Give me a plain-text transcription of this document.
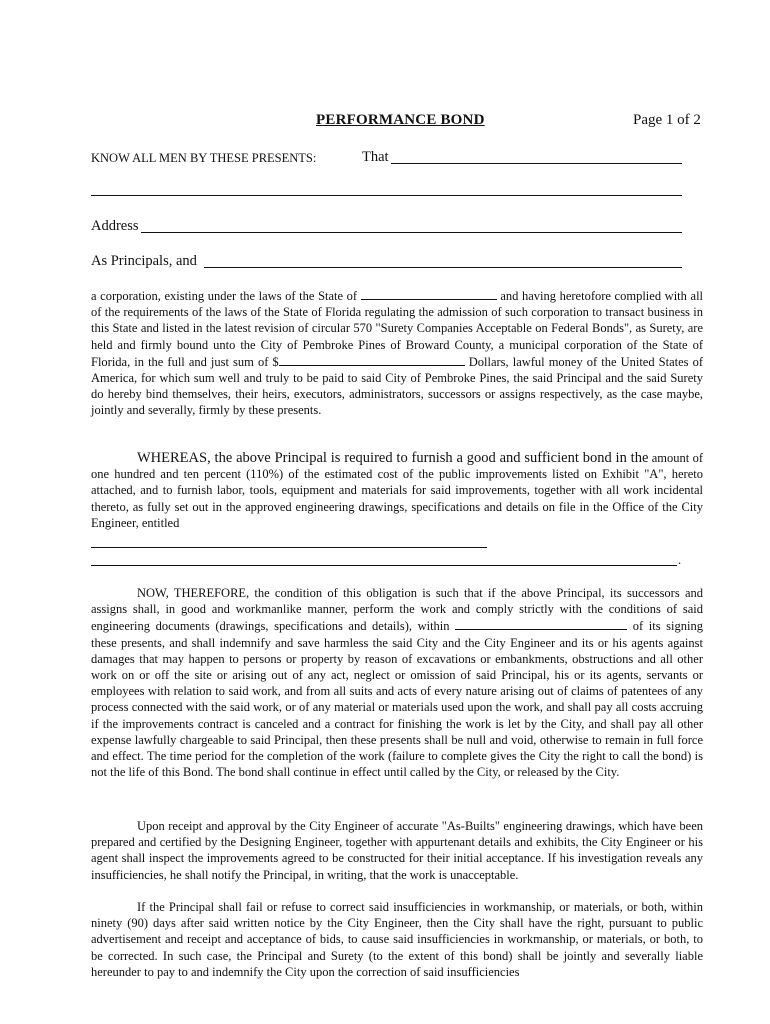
PERFORMANCE BOND	Page 1 of 2
KNOW ALL MEN BY THESE PRESENTS:	That
Address
As Principals, and

a corporation, existing under the laws of the State of	and having heretofore complied with all of the requirements of the laws of the State of Florida regulating the admission of such corporation to transact business in this State and listed in the latest revision of circular 570 "Surety Companies Acceptable on Federal Bonds", as Surety, are held and firmly bound unto the City of Pembroke Pines of Broward County, a municipal corporation of the State of Florida, in the full and just sum of $	Dollars, lawful money of the United States of America, for which sum well and truly to be paid to said City of Pembroke Pines, the said Principal and the said Surety do hereby bind themselves, their heirs, executors, administrators, successors or assigns respectively, as the case maybe, jointly and severally, firmly by these presents.

WHEREAS, the above Principal is required to furnish a good and sufficient bond in the amount of one hundred and ten percent (110%) of the estimated cost of the public improvements listed on Exhibit "A", hereto attached, and to furnish labor, tools, equipment and materials for said improvements, together with all work incidental thereto, as fully set out in the approved engineering drawings, specifications and details on file in the Office of the City Engineer, entitled

.

NOW, THEREFORE, the condition of this obligation is such that if the above Principal, its successors and assigns shall, in good and workmanlike manner, perform the work and comply strictly with the conditions of said engineering documents (drawings, specifications and details), within	of its signing these presents, and shall indemnify and save harmless the said City and the City Engineer and its or his agents against damages that may happen to persons or property by reason of excavations or embankments, obstructions and all other work on or off the site or arising out of any act, neglect or omission of said Principal, his or its agents, servants or employees with relation to said work, and from all suits and acts of every nature arising out of claims of patentees of any process connected with the said work, or of any material or materials used upon the work, and shall pay all costs accruing if the improvements contract is canceled and a contract for finishing the work is let by the City, and shall pay all other expense lawfully chargeable to said Principal, then these presents shall be null and void, otherwise to remain in full force and effect. The time period for the completion of the work (failure to complete gives the City the right to call the bond) is not the life of this Bond. The bond shall continue in effect until called by the City, or released by the City.

Upon receipt and approval by the City Engineer of accurate "As-Builts" engineering drawings, which have been prepared and certified by the Designing Engineer, together with appurtenant details and exhibits, the City Engineer or his agent shall inspect the improvements agreed to be constructed for their initial acceptance. If his investigation reveals any insufficiencies, he shall notify the Principal, in writing, that the work is unacceptable.

If the Principal shall fail or refuse to correct said insufficiencies in workmanship, or materials, or both, within ninety (90) days after said written notice by the City Engineer, then the City shall have the right, pursuant to public advertisement and receipt and acceptance of bids, to cause said insufficiencies in workmanship, or materials, or both, to be corrected. In such case, the Principal and Surety (to the extent of this bond) shall be jointly and severally liable hereunder to pay to and indemnify the City upon the correction of said insufficiencies
